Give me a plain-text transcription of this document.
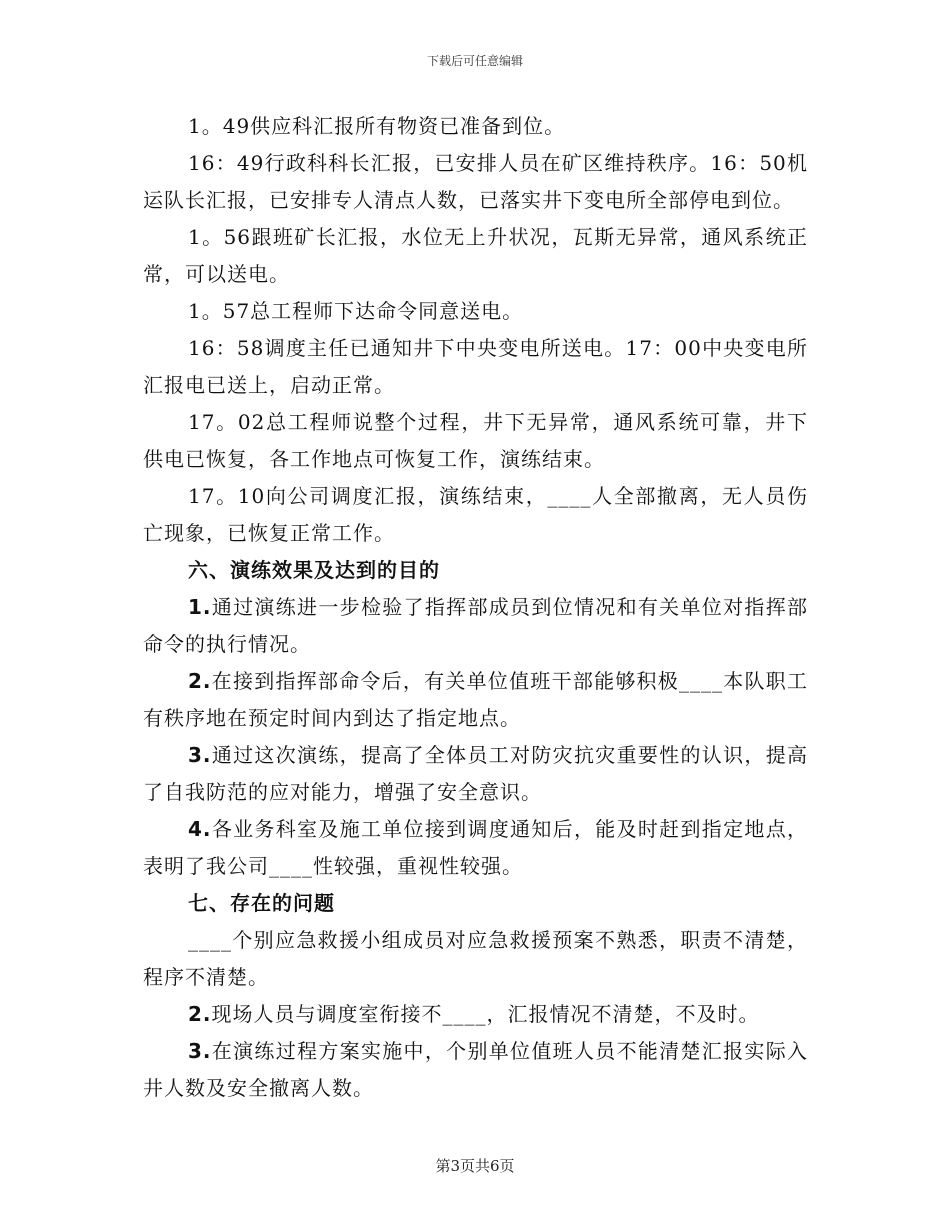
下载后可任意编辑

1。49供应科汇报所有物资已准备到位。

16：49行政科科长汇报，已安排人员在矿区维持秩序。16：50机运队长汇报，已安排专人清点人数，已落实井下变电所全部停电到位。

1。56跟班矿长汇报，水位无上升状况，瓦斯无异常，通风系统正常，可以送电。

1。57总工程师下达命令同意送电。

16：58调度主任已通知井下中央变电所送电。17：00中央变电所汇报电已送上，启动正常。

17。02总工程师说整个过程，井下无异常，通风系统可靠，井下供电已恢复，各工作地点可恢复工作，演练结束。

17。10向公司调度汇报，演练结束，____人全部撤离，无人员伤亡现象，已恢复正常工作。

六、演练效果及达到的目的

1.通过演练进一步检验了指挥部成员到位情况和有关单位对指挥部命令的执行情况。

2.在接到指挥部命令后，有关单位值班干部能够积极____本队职工有秩序地在预定时间内到达了指定地点。

3.通过这次演练，提高了全体员工对防灾抗灾重要性的认识，提高了自我防范的应对能力，增强了安全意识。

4.各业务科室及施工单位接到调度通知后，能及时赶到指定地点，表明了我公司____性较强，重视性较强。

七、存在的问题

____个别应急救援小组成员对应急救援预案不熟悉，职责不清楚，程序不清楚。

2.现场人员与调度室衔接不____，汇报情况不清楚，不及时。

3.在演练过程方案实施中，个别单位值班人员不能清楚汇报实际入井人数及安全撤离人数。

第3页共6页
